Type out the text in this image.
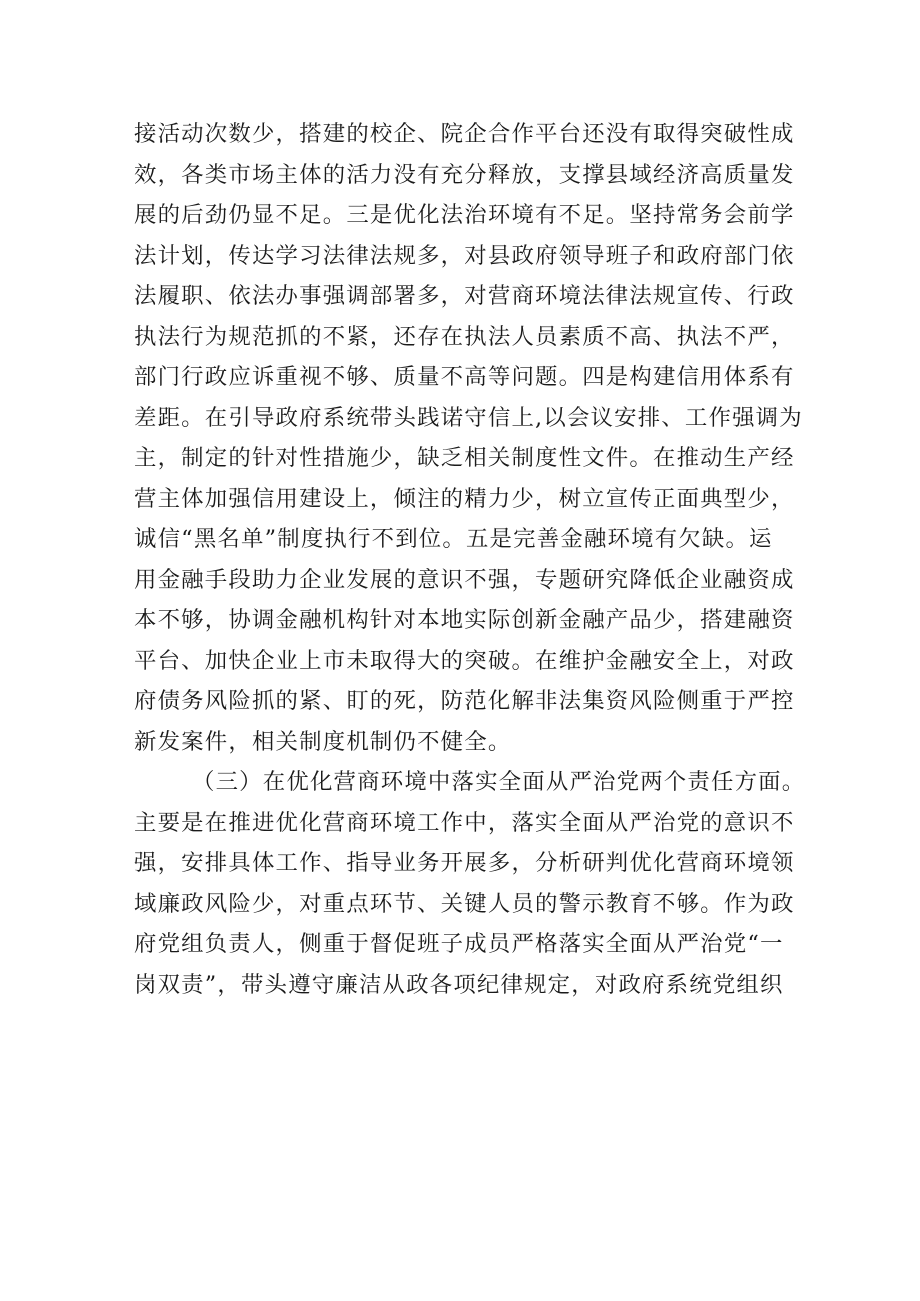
接活动次数少，搭建的校企、院企合作平台还没有取得突破性成
效，各类市场主体的活力没有充分释放，支撑县域经济高质量发
展的后劲仍显不足。三是优化法治环境有不足。坚持常务会前学
法计划，传达学习法律法规多，对县政府领导班子和政府部门依
法履职、依法办事强调部署多，对营商环境法律法规宣传、行政
执法行为规范抓的不紧，还存在执法人员素质不高、执法不严，
部门行政应诉重视不够、质量不高等问题。四是构建信用体系有
差距。在引导政府系统带头践诺守信上,以会议安排、工作强调为
主，制定的针对性措施少，缺乏相关制度性文件。在推动生产经
营主体加强信用建设上，倾注的精力少，树立宣传正面典型少，
诚信“黑名单”制度执行不到位。五是完善金融环境有欠缺。运
用金融手段助力企业发展的意识不强，专题研究降低企业融资成
本不够，协调金融机构针对本地实际创新金融产品少，搭建融资
平台、加快企业上市未取得大的突破。在维护金融安全上，对政
府债务风险抓的紧、盯的死，防范化解非法集资风险侧重于严控
新发案件，相关制度机制仍不健全。
（三）在优化营商环境中落实全面从严治党两个责任方面。
主要是在推进优化营商环境工作中，落实全面从严治党的意识不
强，安排具体工作、指导业务开展多，分析研判优化营商环境领
域廉政风险少，对重点环节、关键人员的警示教育不够。作为政
府党组负责人，侧重于督促班子成员严格落实全面从严治党“一
岗双责”，带头遵守廉洁从政各项纪律规定，对政府系统党组织
